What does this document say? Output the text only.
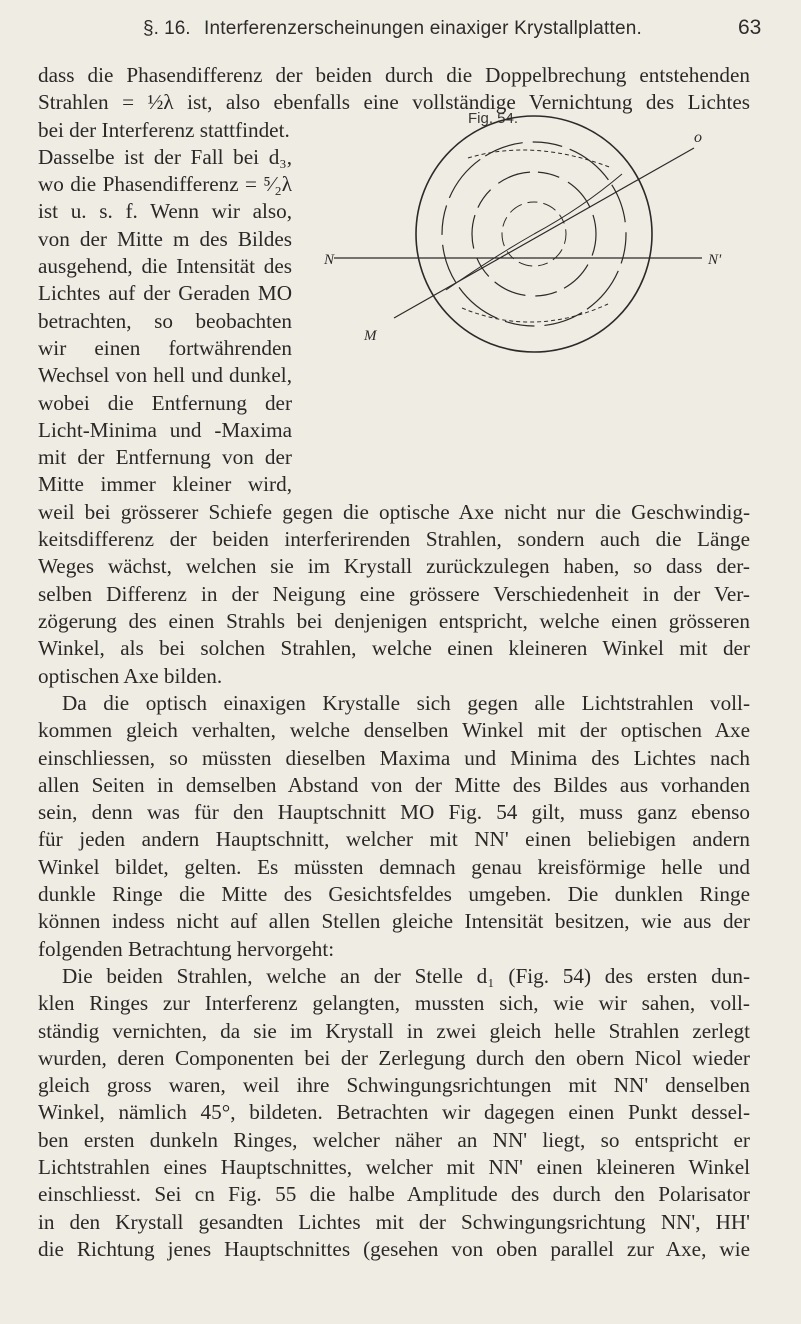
§. 16. Interferenzerscheinungen einaxiger Krystallplatten.	63
dass die Phasendifferenz der beiden durch die Doppelbrechung entstehenden
Strahlen = ½λ ist, also ebenfalls eine vollständige Vernichtung des Lichtes
bei der Interferenz stattfindet.
Dasselbe ist der Fall bei d₃,
wo die Phasendifferenz = ⁵⁄₂λ
ist u. s. f. Wenn wir also,
von der Mitte m des Bildes
ausgehend, die Intensität des
Lichtes auf der Geraden MO
betrachten, so beobachten
wir einen fortwährenden
Wechsel von hell und dunkel,
wobei die Entfernung der
Licht-Minima und -Maxima
mit der Entfernung von der
Mitte immer kleiner wird,
Fig. 54.
o
N	N'
M
weil bei grösserer Schiefe gegen die optische Axe nicht nur die Geschwindig-
keitsdifferenz der beiden interferirenden Strahlen, sondern auch die Länge
Weges wächst, welchen sie im Krystall zurückzulegen haben, so dass der-
selben Differenz in der Neigung eine grössere Verschiedenheit in der Ver-
zögerung des einen Strahls bei denjenigen entspricht, welche einen grösseren
Winkel, als bei solchen Strahlen, welche einen kleineren Winkel mit der
optischen Axe bilden.
Da die optisch einaxigen Krystalle sich gegen alle Lichtstrahlen voll-
kommen gleich verhalten, welche denselben Winkel mit der optischen Axe
einschliessen, so müssten dieselben Maxima und Minima des Lichtes nach
allen Seiten in demselben Abstand von der Mitte des Bildes aus vorhanden
sein, denn was für den Hauptschnitt MO Fig. 54 gilt, muss ganz ebenso
für jeden andern Hauptschnitt, welcher mit NN' einen beliebigen andern
Winkel bildet, gelten. Es müssten demnach genau kreisförmige helle und
dunkle Ringe die Mitte des Gesichtsfeldes umgeben. Die dunklen Ringe
können indess nicht auf allen Stellen gleiche Intensität besitzen, wie aus der
folgenden Betrachtung hervorgeht:
Die beiden Strahlen, welche an der Stelle d₁ (Fig. 54) des ersten dun-
klen Ringes zur Interferenz gelangten, mussten sich, wie wir sahen, voll-
ständig vernichten, da sie im Krystall in zwei gleich helle Strahlen zerlegt
wurden, deren Componenten bei der Zerlegung durch den obern Nicol wieder
gleich gross waren, weil ihre Schwingungsrichtungen mit NN' denselben
Winkel, nämlich 45°, bildeten. Betrachten wir dagegen einen Punkt dessel-
ben ersten dunkeln Ringes, welcher näher an NN' liegt, so entspricht er
Lichtstrahlen eines Hauptschnittes, welcher mit NN' einen kleineren Winkel
einschliesst. Sei cn Fig. 55 die halbe Amplitude des durch den Polarisator
in den Krystall gesandten Lichtes mit der Schwingungsrichtung NN', HH'
die Richtung jenes Hauptschnittes (gesehen von oben parallel zur Axe, wie
